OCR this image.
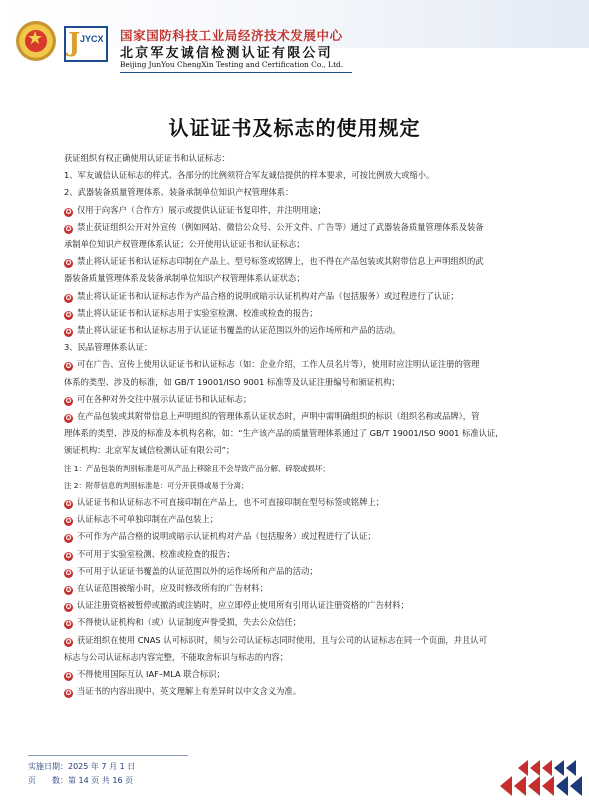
★ J JYCX 国家国防科技工业局经济技术发展中心
北京军友诚信检测认证有限公司
Beijing JunYou ChengXin Testing and Certification Co., Ltd.
认证证书及标志的使用规定
获证组织有权正确使用认证证书和认证标志：
1、军友诚信认证标志的样式、各部分的比例须符合军友诚信提供的样本要求，可按比例放大或缩小。
2、武器装备质量管理体系、装备承制单位知识产权管理体系：
✪ 仅用于向客户（合作方）展示或提供认证证书复印件，并注明用途；
✪ 禁止获证组织公开对外宣传（例如网站、微信公众号、公开文件、广告等）通过了武器装备质量管理体系及装备
承制单位知识产权管理体系认证；公开使用认证证书和认证标志；
✪ 禁止将认证证书和认证标志印制在产品上、型号标签或铭牌上，也不得在产品包装或其附带信息上声明组织的武
器装备质量管理体系及装备承制单位知识产权管理体系认证状态；
✪ 禁止将认证证书和认证标志作为产品合格的说明或暗示认证机构对产品（包括服务）或过程进行了认证；
✪ 禁止将认证证书和认证标志用于实验室检测、校准或检查的报告；
✪ 禁止将认证证书和认证标志用于认证证书覆盖的认证范围以外的运作场所和产品的活动。
3、民品管理体系认证：
✪ 可在广告、宣传上使用认证证书和认证标志（如：企业介绍，工作人员名片等），使用时应注明认证注册的管理
体系的类型、涉及的标准，如 GB/T 19001/ISO 9001 标准等及认证注册编号和颁证机构；
✪ 可在各种对外交往中展示认证证书和认证标志；
✪ 在产品包装或其附带信息上声明组织的管理体系认证状态时，声明中需明确组织的标识（组织名称或品牌），管
理体系的类型、涉及的标准及本机构名称，如：“生产该产品的质量管理体系通过了 GB/T 19001/ISO 9001 标准认证，
颁证机构：北京军友诚信检测认证有限公司”；
注 1：产品包装的判别标准是可从产品上移除且不会导致产品分解、碎裂或损坏；
注 2：附带信息的判别标准是：可分开获得或易于分离；
✪ 认证证书和认证标志不可直接印制在产品上，也不可直接印制在型号标签或铭牌上；
✪ 认证标志不可单独印制在产品包装上；
✪ 不可作为产品合格的说明或暗示认证机构对产品（包括服务）或过程进行了认证；
✪ 不可用于实验室检测、校准或检查的报告；
✪ 不可用于认证证书覆盖的认证范围以外的运作场所和产品的活动；
✪ 在认证范围被缩小时，应及时修改所有的广告材料；
✪ 认证注册资格被暂停或撤消或注销时，应立即停止使用所有引用认证注册资格的广告材料；
✪ 不得使认证机构和（或）认证制度声誉受损，失去公众信任；
✪ 获证组织在使用 CNAS 认可标识时，须与公司认证标志同时使用，且与公司的认证标志在同一个页面，并且认可
标志与公司认证标志内容完整，不能取舍标识与标志的内容；
✪ 不得使用国际互认 IAF–MLA 联合标识；
✪ 当证书的内容出现中、英文理解上有差异时以中文含义为准。
实施日期：2025 年 7 月 1 日
页　　数：第 14 页 共 16 页
